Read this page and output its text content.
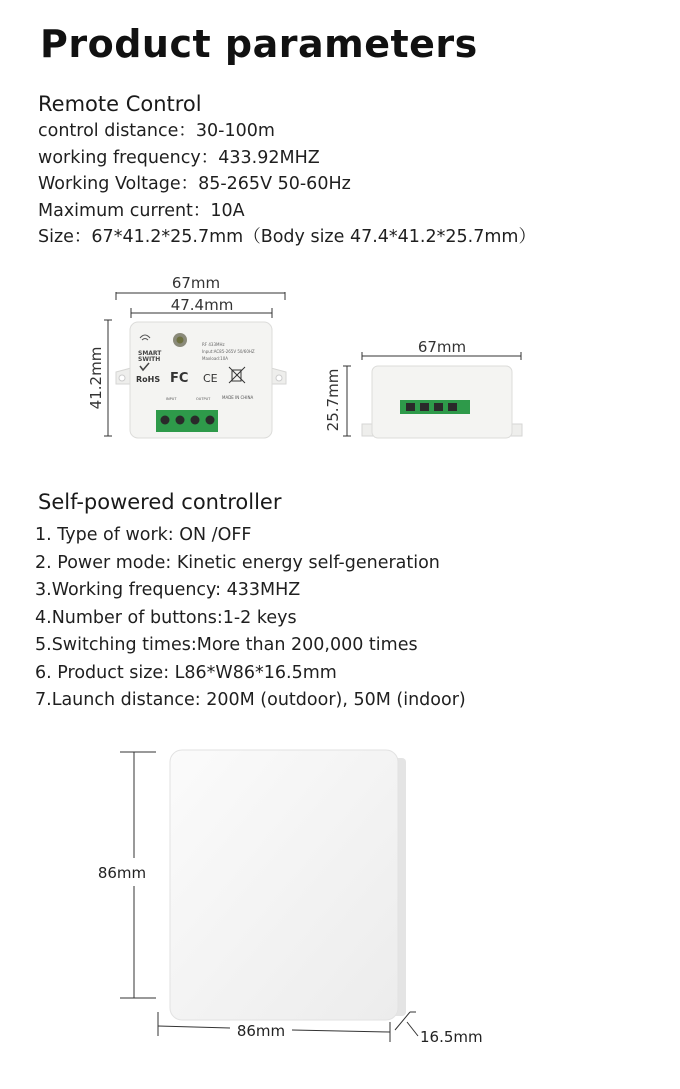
Product parameters
Remote Control
control distance：30-100m
working frequency：433.92MHZ
Working Voltage：85-265V 50-60Hz
Maximum current：10A
Size：67*41.2*25.7mm（Body size 47.4*41.2*25.7mm）
67mm
47.4mm
41.2mm	67mm
25.7mm
SMART
SWITH
RF 433MHz
Input:AC85-265V 50/60HZ
Maxload:10A
RoHS FC CE
INPUT	OUTPUT	MADE IN CHINA
Self-powered controller
1. Type of work: ON /OFF
2. Power mode: Kinetic energy self-generation
3.Working frequency: 433MHZ
4.Number of buttons:1-2 keys
5.Switching times:More than 200,000 times
6. Product size: L86*W86*16.5mm
7.Launch distance: 200M (outdoor), 50M (indoor)
86mm
86mm	16.5mm
